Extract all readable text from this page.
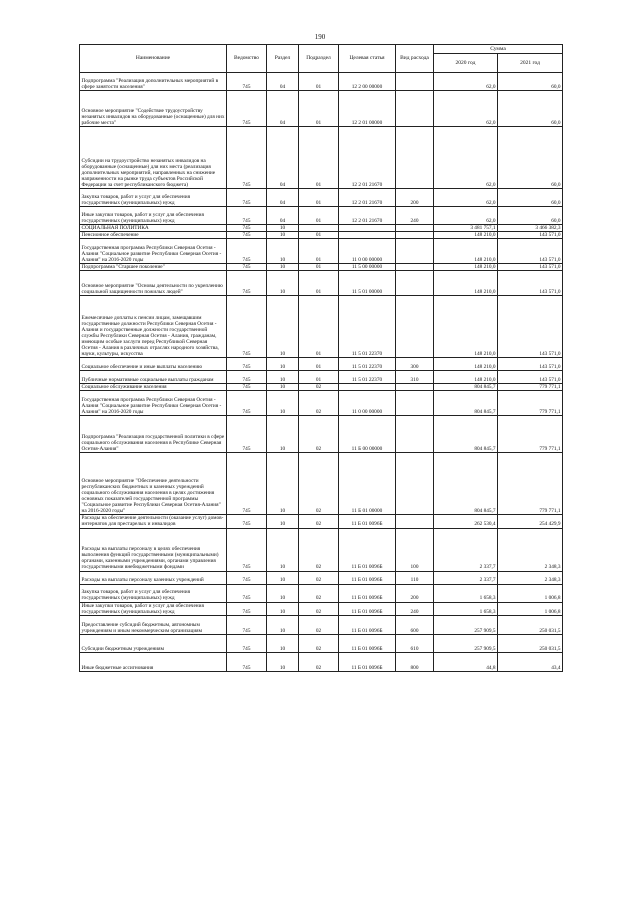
190
Наименование	Ведомство	Раздел	Подраздел	Целевая статья	Вид расхода	Сумма	
						2020 год	2021 год
Подпрограмма "Реализация дополнительных мероприятий в сфере занятости населения"	745	04	01	12 2 00 00000		62,0	60,0
Основное мероприятие "Содействие трудоустройству незанятых инвалидов на оборудованные (оснащенные) для них рабочие места"	745	04	01	12 2 01 00000		62,0	60,0
Субсидии на трудоустройство незанятых инвалидов на оборудованные (оснащенные) для них места (реализация дополнительных мероприятий, направленных на снижение напряженности на рынке труда субъектов Российской Федерации за счет республиканского бюджета)	745	04	01	12 2 01 21670		62,0	60,0
Закупка товаров, работ и услуг для обеспечения государственных (муниципальных) нужд	745	04	01	12 2 01 21670	200	62,0	60,0
Иные закупки товаров, работ и услуг для обеспечения государственных (муниципальных) нужд	745	04	01	12 2 01 21670	240	62,0	60,0
СОЦИАЛЬНАЯ ПОЛИТИКА	745	10				3 481 757,1	3 466 382,3
Пенсионное обеспечение	745	10	01			148 210,0	143 571,0
Государственная программа Республики Северная Осетия - Алания "Социальное развитие Республики Северная Осетия - Алания" на 2016-2020 годы	745	10	01	11 0 00 00000		148 210,0	143 571,0
Подпрограмма "Старшее поколение"	745	10	01	11 5 00 00000		148 210,0	143 571,0
Основное мероприятие "Основы деятельности по укреплению социальной защищенности пожилых людей"	745	10	01	11 5 01 00000		148 210,0	143 571,0
Ежемесячные доплаты к пенсии лицам, замещавшим государственные должности Республики Северная Осетия - Алания и государственные должности государственной службы Республики Северная Осетия - Алания, гражданам, имеющим особые заслуги перед Республикой Северная Осетия - Алания в различных отраслях народного хозяйства, науки, культуры, искусства	745	10	01	11 5 01 22370		148 210,0	143 571,0
Социальное обеспечение и иные выплаты населению	745	10	01	11 5 01 22370	300	148 210,0	143 571,0
Публичные нормативные социальные выплаты гражданам	745	10	01	11 5 01 22370	310	148 210,0	143 571,0
Социальное обслуживание населения	745	10	02			804 845,7	779 771,1
Государственная программа Республики Северная Осетия - Алания "Социальное развитие Республики Северная Осетия - Алания" на 2016-2020 годы	745	10	02	11 0 00 00000		804 845,7	779 771,1
Подпрограмма "Реализация государственной политики в сфере социального обслуживания населения в Республике Северная Осетия-Алания"	745	10	02	11 Б 00 00000		804 845,7	779 771,1
Основное мероприятие "Обеспечение деятельности республиканских бюджетных и казенных учреждений социального обслуживания населения в целях достижения основных показателей государственной программы "Социальное развитие Республики Северная Осетия-Алания" на 2016-2020 годы"	745	10	02	11 Б 01 00000		804 845,7	779 771,1
Расходы на обеспечение деятельности (оказание услуг) домов-интернатов для престарелых и инвалидов	745	10	02	11 Б 01 0096Б		262 530,4	254 429,9
Расходы на выплаты персоналу в целях обеспечения выполнения функций государственными (муниципальными) органами, казенными учреждениями, органами управления государственными внебюджетными фондами	745	10	02	11 Б 01 0096Б	100	2 337,7	2 348,3
Расходы на выплаты персоналу казенных учреждений	745	10	02	11 Б 01 0096Б	110	2 337,7	2 348,3
Закупка товаров, работ и услуг для обеспечения государственных (муниципальных) нужд	745	10	02	11 Б 01 0096Б	200	1 658,3	1 006,8
Иные закупки товаров, работ и услуг для обеспечения государственных (муниципальных) нужд	745	10	02	11 Б 01 0096Б	240	1 658,3	1 006,8
Предоставление субсидий бюджетным, автономным учреждениям и иным некоммерческим организациям	745	10	02	11 Б 01 0096Б	600	257 909,5	250 031,5
Субсидии бюджетным учреждениям	745	10	02	11 Б 01 0096Б	610	257 909,5	250 031,5
Иные бюджетные ассигнования	745	10	02	11 Б 01 0096Б	800	44,8	43,4
